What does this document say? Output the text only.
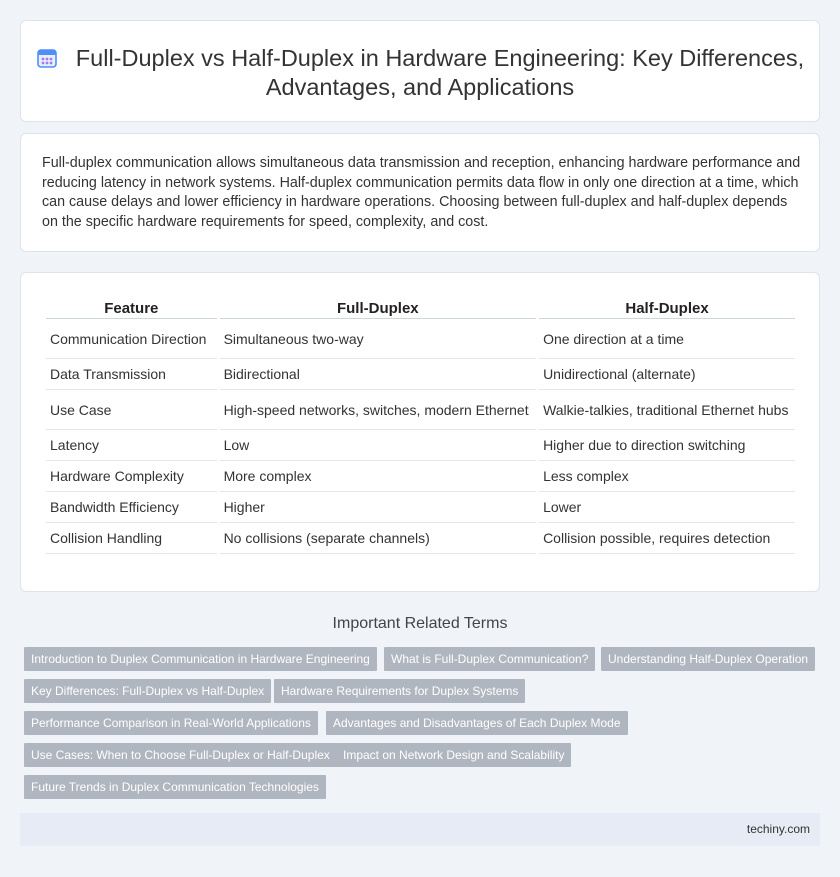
Full-Duplex vs Half-Duplex in Hardware Engineering: Key Differences, Advantages, and Applications

Full-duplex communication allows simultaneous data transmission and reception, enhancing hardware performance and reducing latency in network systems. Half-duplex communication permits data flow in only one direction at a time, which can cause delays and lower efficiency in hardware operations. Choosing between full-duplex and half-duplex depends on the specific hardware requirements for speed, complexity, and cost.

Feature	Full-Duplex	Half-Duplex
Communication Direction	Simultaneous two-way	One direction at a time
Data Transmission	Bidirectional	Unidirectional (alternate)
Use Case	High-speed networks, switches, modern Ethernet	Walkie-talkies, traditional Ethernet hubs
Latency	Low	Higher due to direction switching
Hardware Complexity	More complex	Less complex
Bandwidth Efficiency	Higher	Lower
Collision Handling	No collisions (separate channels)	Collision possible, requires detection
Important Related Terms
Introduction to Duplex Communication in Hardware Engineering	What is Full-Duplex Communication?	Understanding Half-Duplex Operation
Key Differences: Full-Duplex vs Half-Duplex	Hardware Requirements for Duplex Systems
Performance Comparison in Real-World Applications	Advantages and Disadvantages of Each Duplex Mode
Use Cases: When to Choose Full-Duplex or Half-Duplex	Impact on Network Design and Scalability
Future Trends in Duplex Communication Technologies
techiny.com
